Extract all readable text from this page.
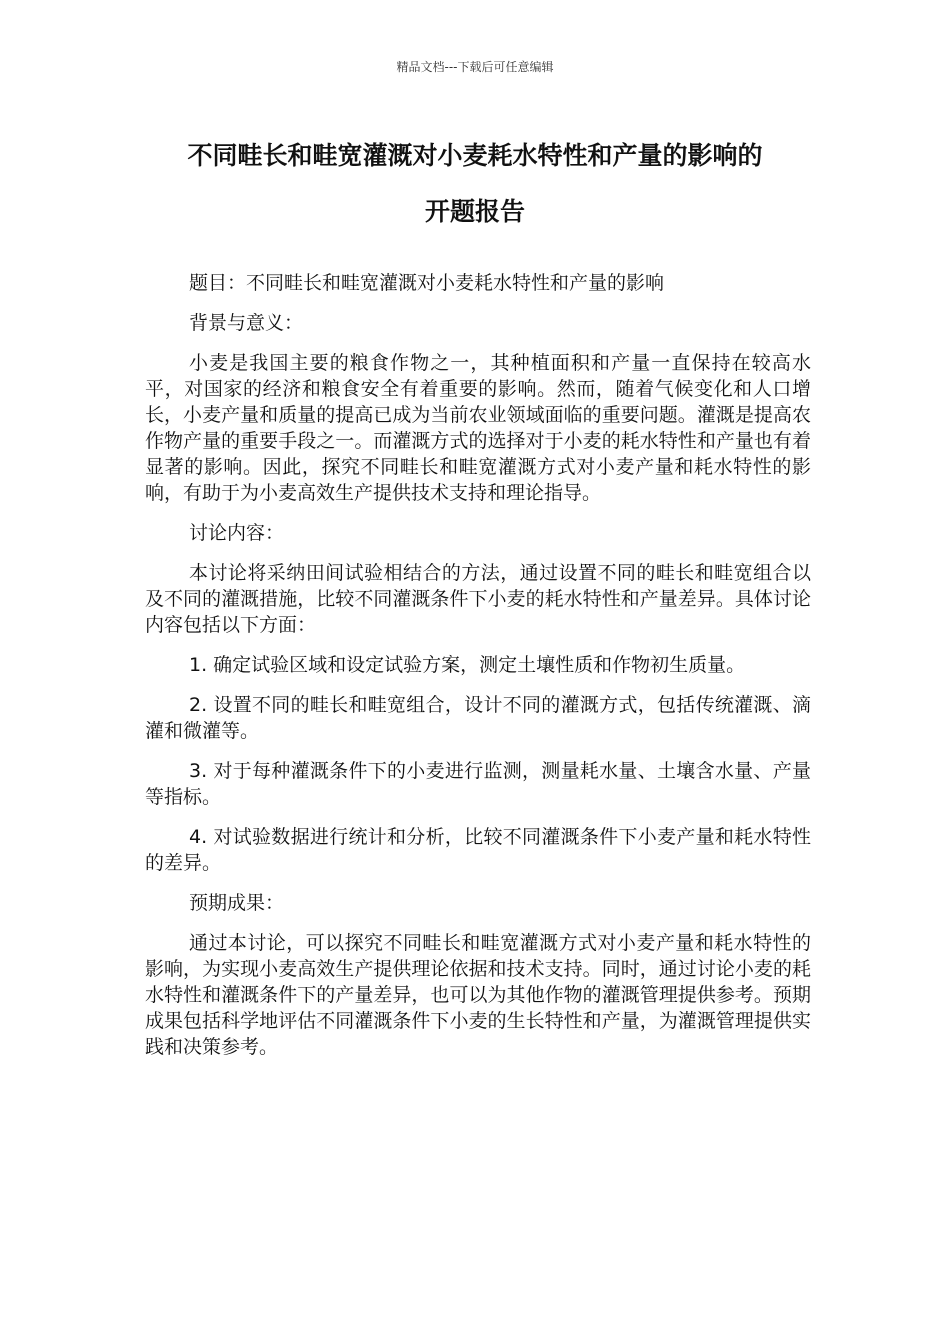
精品文档---下载后可任意编辑
不同畦长和畦宽灌溉对小麦耗水特性和产量的影响的
开题报告

题目：不同畦长和畦宽灌溉对小麦耗水特性和产量的影响

背景与意义：

小麦是我国主要的粮食作物之一，其种植面积和产量一直保持在较高水平，对国家的经济和粮食安全有着重要的影响。然而，随着气候变化和人口增长，小麦产量和质量的提高已成为当前农业领域面临的重要问题。灌溉是提高农作物产量的重要手段之一。而灌溉方式的选择对于小麦的耗水特性和产量也有着显著的影响。因此，探究不同畦长和畦宽灌溉方式对小麦产量和耗水特性的影响，有助于为小麦高效生产提供技术支持和理论指导。

讨论内容：

本讨论将采纳田间试验相结合的方法，通过设置不同的畦长和畦宽组合以及不同的灌溉措施，比较不同灌溉条件下小麦的耗水特性和产量差异。具体讨论内容包括以下方面：

1. 确定试验区域和设定试验方案，测定土壤性质和作物初生质量。

2. 设置不同的畦长和畦宽组合，设计不同的灌溉方式，包括传统灌溉、滴灌和微灌等。

3. 对于每种灌溉条件下的小麦进行监测，测量耗水量、土壤含水量、产量等指标。

4. 对试验数据进行统计和分析，比较不同灌溉条件下小麦产量和耗水特性的差异。

预期成果：

通过本讨论，可以探究不同畦长和畦宽灌溉方式对小麦产量和耗水特性的影响，为实现小麦高效生产提供理论依据和技术支持。同时，通过讨论小麦的耗水特性和灌溉条件下的产量差异，也可以为其他作物的灌溉管理提供参考。预期成果包括科学地评估不同灌溉条件下小麦的生长特性和产量，为灌溉管理提供实践和决策参考。
